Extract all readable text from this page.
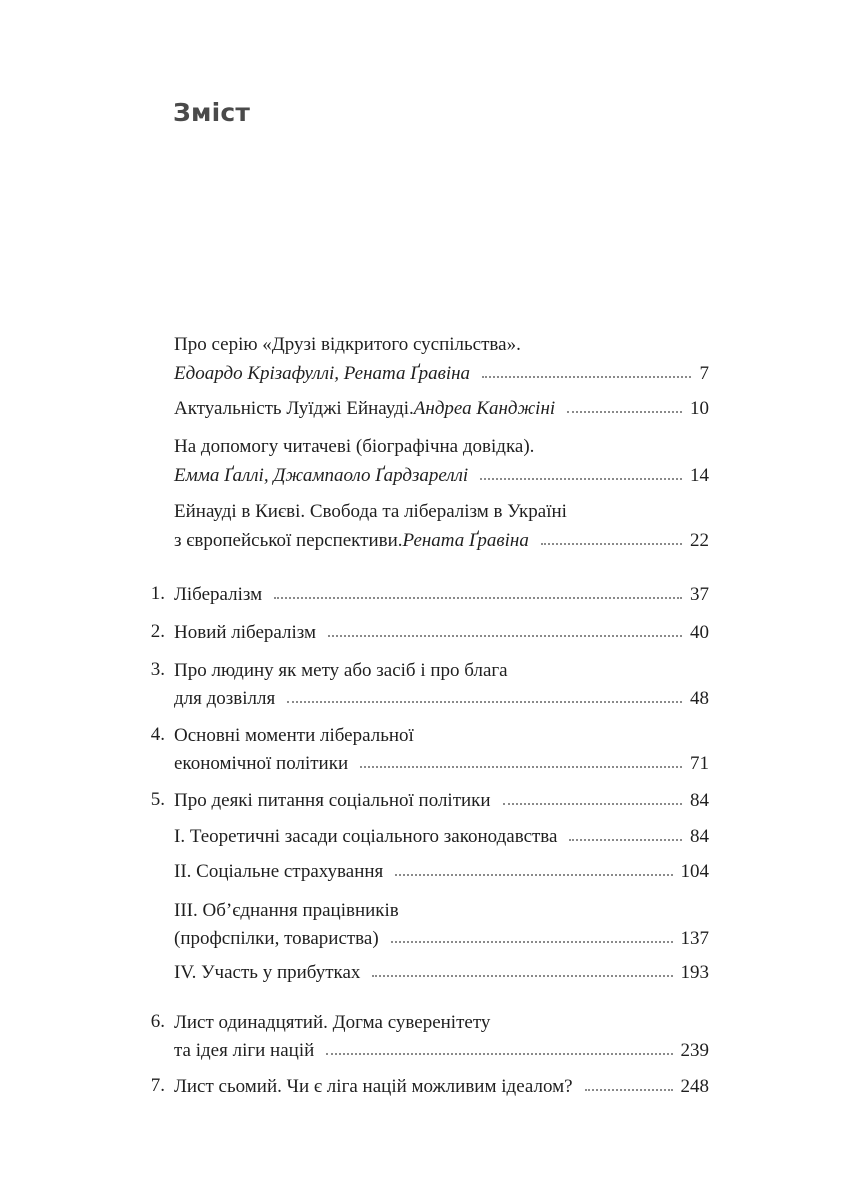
Зміст
Про серію «Друзі відкритого суспільства».
Едоардо Крізафуллі, Рената Ґравіна	7
Актуальність Луїджі Ейнауді. Андреа Канджіні	10
На допомогу читачеві (біографічна довідка).
Емма Ґаллі, Джампаоло Ґардзареллі	14
Ейнауді в Києві. Свобода та лібералізм в Україні
з європейської перспективи. Рената Ґравіна	22
1. Лібералізм	37
2. Новий лібералізм	40
3. Про людину як мету або засіб і про блага
для дозвілля	48
4. Основні моменти ліберальної
економічної політики	71
5. Про деякі питання соціальної політики	84
I. Теоретичні засади соціального законодавства	84
II. Соціальне страхування	104
III. Об’єднання працівників
(профспілки, товариства)	137
IV. Участь у прибутках	193
6. Лист одинадцятий. Догма суверенітету
та ідея ліги націй	239
7. Лист сьомий. Чи є ліга націй можливим ідеалом?	248
